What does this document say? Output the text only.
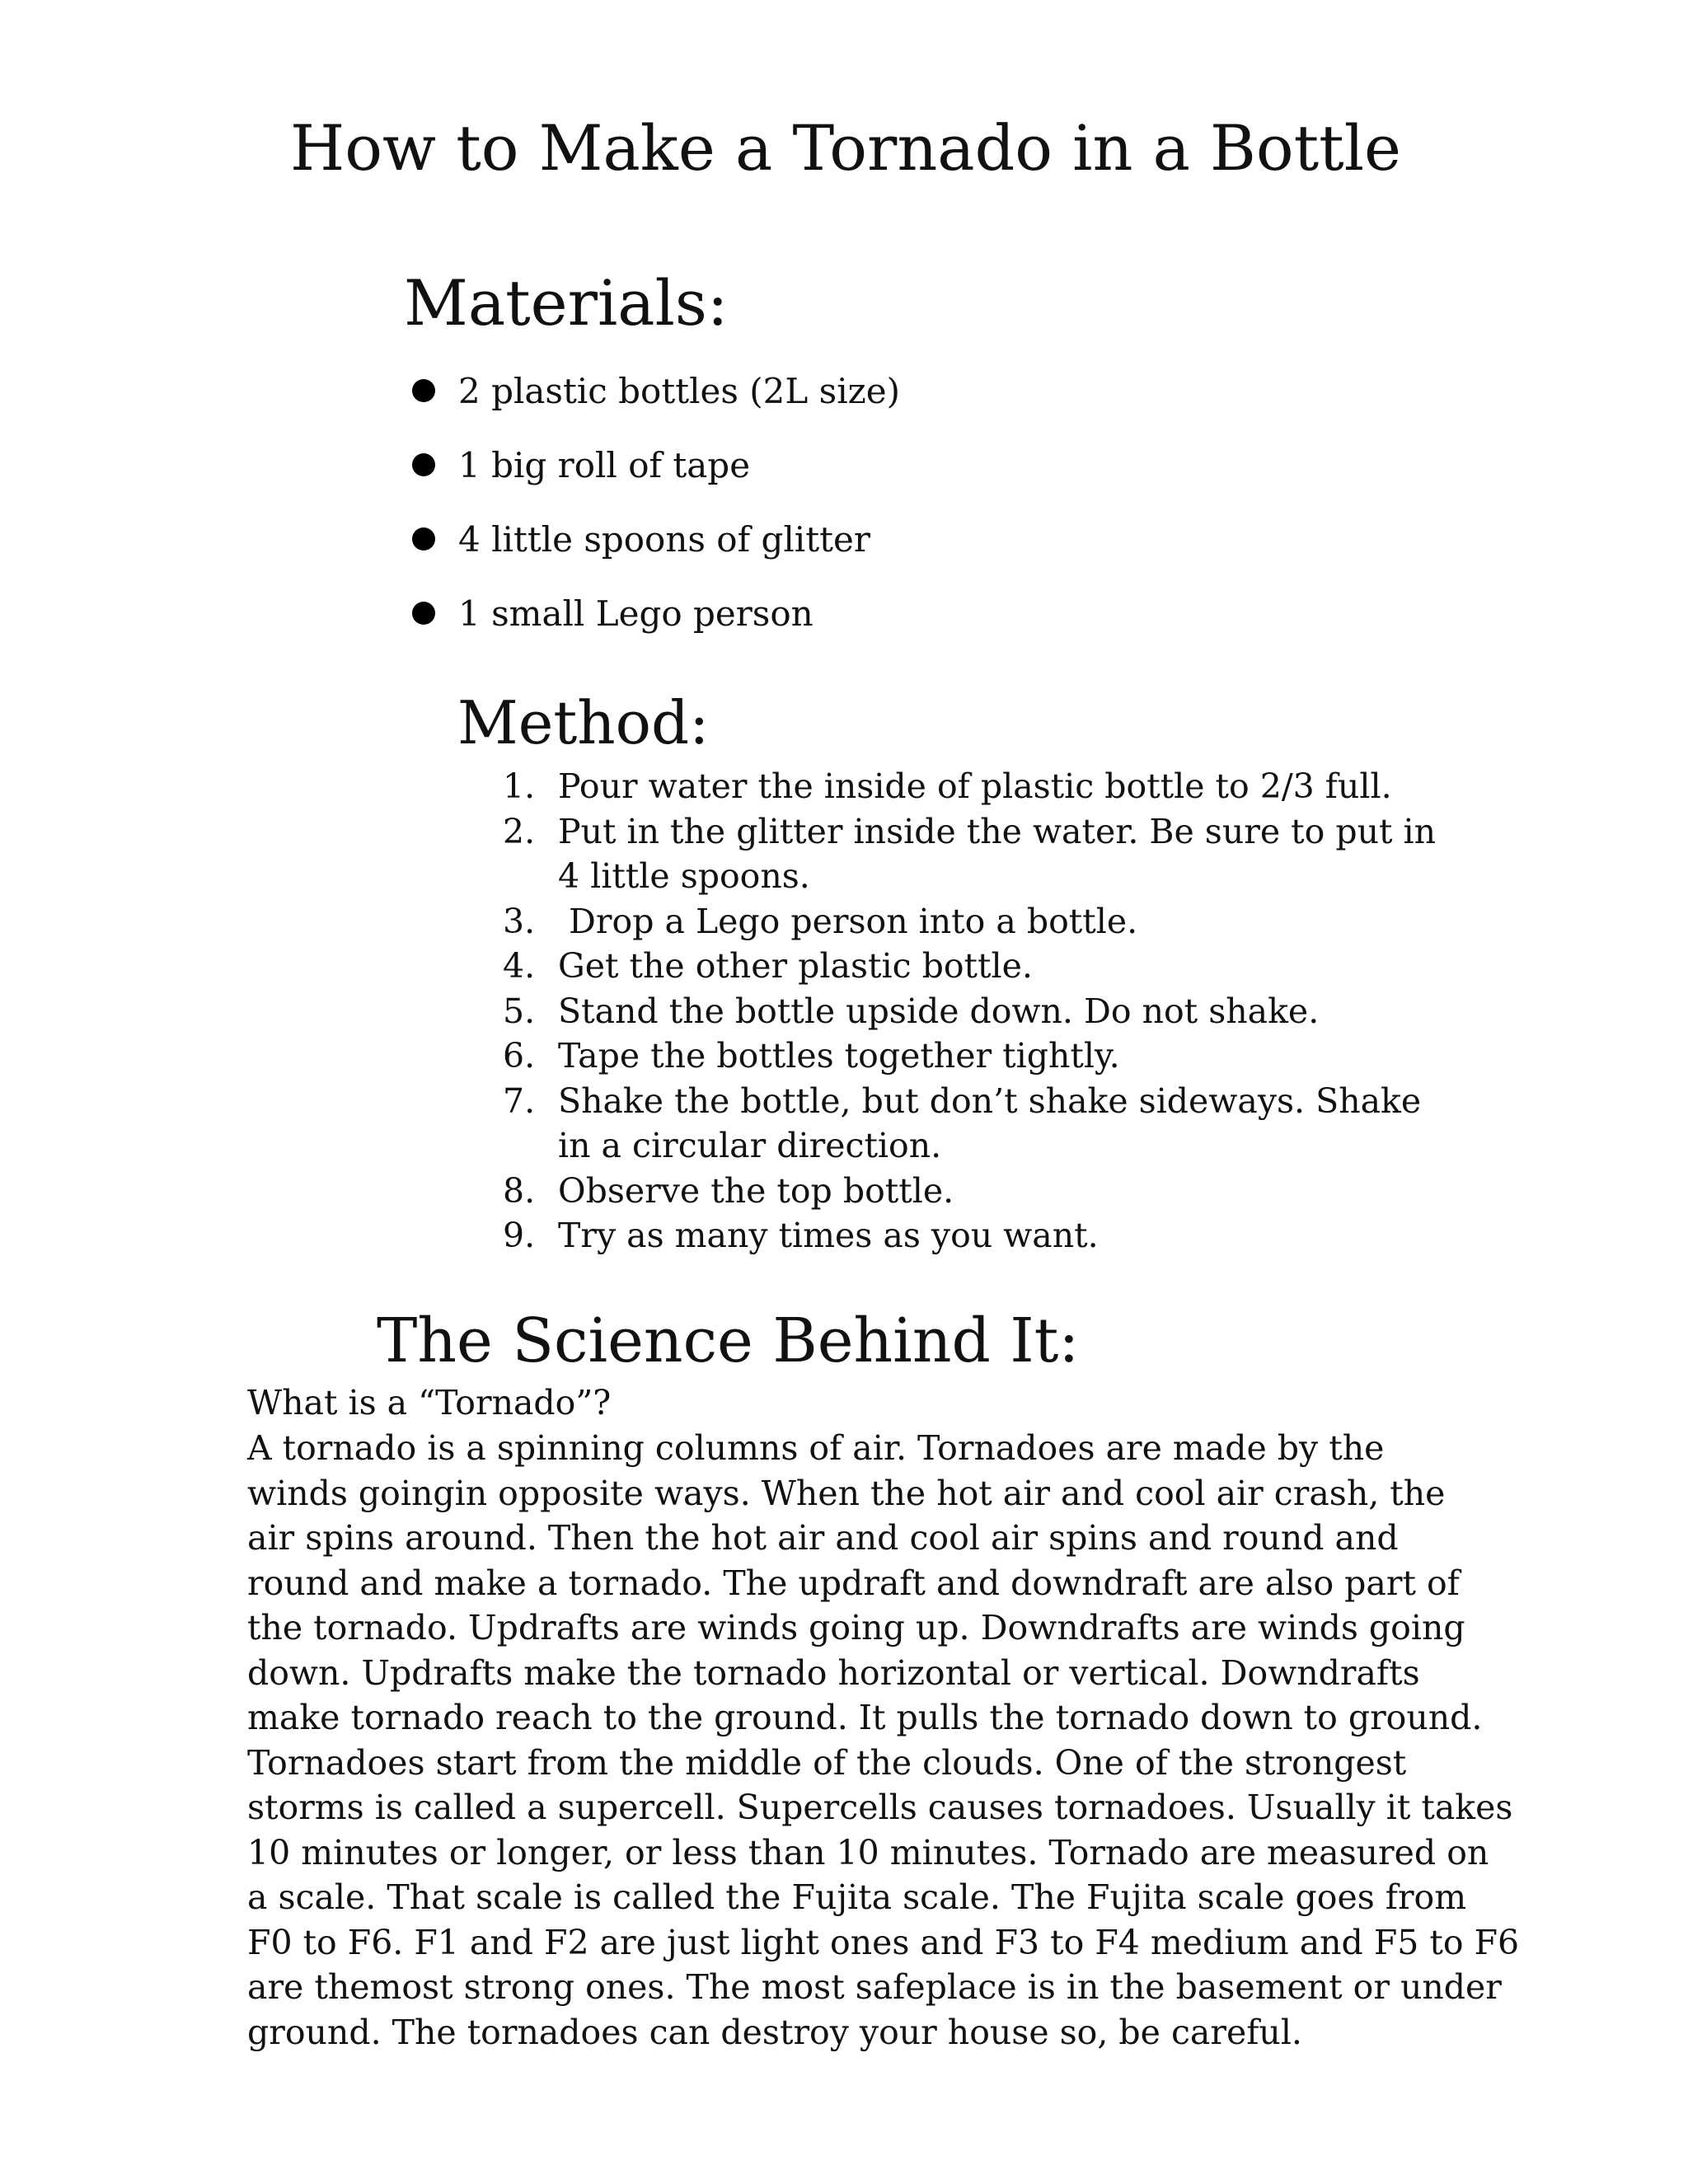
How to Make a Tornado in a Bottle
Materials:
2 plastic bottles (2L size)
1 big roll of tape
4 little spoons of glitter
1 small Lego person
Method:
1. Pour water the inside of plastic bottle to 2/3 full.
2. Put in the glitter inside the water. Be sure to put in 4 little spoons.
3. Drop a Lego person into a bottle.
4. Get the other plastic bottle.
5. Stand the bottle upside down. Do not shake.
6. Tape the bottles together tightly.
7. Shake the bottle, but don’t shake sideways. Shake in a circular direction.
8. Observe the top bottle.
9. Try as many times as you want.
The Science Behind It:

What is a “Tornado”?

A tornado is a spinning columns of air. Tornadoes are made by the
winds goingin opposite ways. When the hot air and cool air crash, the
air spins around. Then the hot air and cool air spins and round and
round and make a tornado. The updraft and downdraft are also part of
the tornado. Updrafts are winds going up. Downdrafts are winds going
down. Updrafts make the tornado horizontal or vertical. Downdrafts
make tornado reach to the ground. It pulls the tornado down to ground.
Tornadoes start from the middle of the clouds. One of the strongest
storms is called a supercell. Supercells causes tornadoes. Usually it takes
10 minutes or longer, or less than 10 minutes. Tornado are measured on
a scale. That scale is called the Fujita scale. The Fujita scale goes from
F0 to F6. F1 and F2 are just light ones and F3 to F4 medium and F5 to F6
are themost strong ones. The most safeplace is in the basement or under
ground. The tornadoes can destroy your house so, be careful.
